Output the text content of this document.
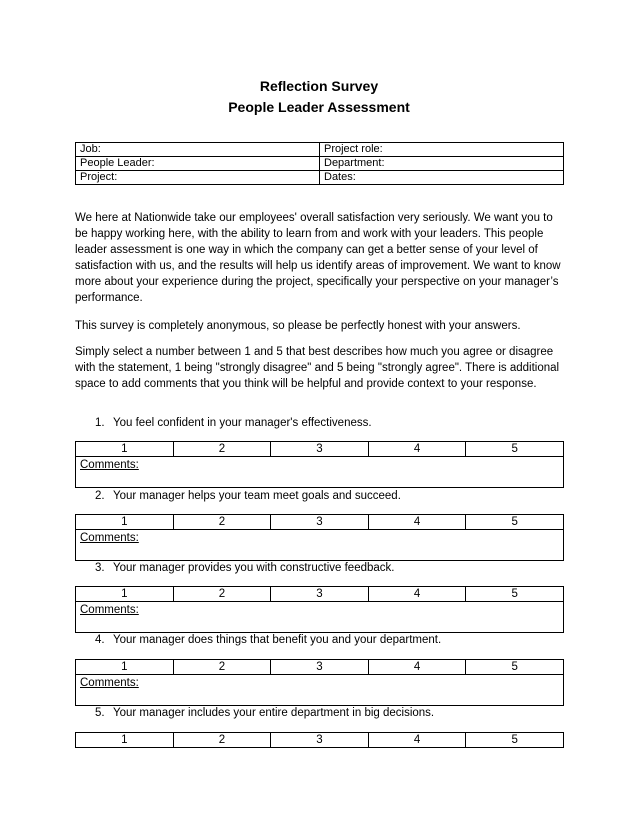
Reflection Survey
People Leader Assessment
Job:	Project role:
People Leader:	Department:
Project:	Dates:

We here at Nationwide take our employees' overall satisfaction very seriously. We want you to be happy working here, with the ability to learn from and work with your leaders. This people leader assessment is one way in which the company can get a better sense of your level of satisfaction with us, and the results will help us identify areas of improvement. We want to know more about your experience during the project, specifically your perspective on your manager’s performance.

This survey is completely anonymous, so please be perfectly honest with your answers.

Simply select a number between 1 and 5 that best describes how much you agree or disagree with the statement, 1 being "strongly disagree" and 5 being "strongly agree". There is additional space to add comments that you think will be helpful and provide context to your response.

1. You feel confident in your manager's effectiveness.
1	2	3	4	5
Comments:
2. Your manager helps your team meet goals and succeed.
1	2	3	4	5
Comments:
3. Your manager provides you with constructive feedback.
1	2	3	4	5
Comments:
4. Your manager does things that benefit you and your department.
1	2	3	4	5
Comments:
5. Your manager includes your entire department in big decisions.
1	2	3	4	5
